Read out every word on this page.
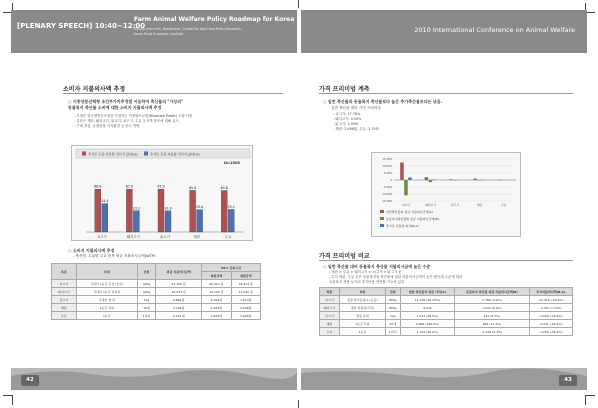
[PLENARY SPEECH] 10:40~12:00
Farm Animal Welfare Policy Roadmap for Korea
Myung-chan Kim, Researcher, Center for Agri-Food Policy Research,
Korea Rural Economic Institute
소비자 지불의사액 추정
○ 이중양분선택형 조건부가치추정법 이용하여 축산물의 "가상의"
동물복지 축산물 소비에 대한 소비자 지불의사액 추정
- 모형은 영국병반응모형을 가정하는 이변량프로빗(Bivariate Probit) 모형 이용
- 설문은 계란, 돼지고기, 닭고기, 쇠고기, 우유 등 5개 품목에 대해 실시
- 구매 경험, 농장동물 사육환경 등 변수 반영
추가로 돈을 지불할 의사가 있다(%)	추가로 돈을 지불할 의사가 없다(%)
N=1500
66.8
44.4
쇠고기
67.0
33.2
돼지고기
67.0
33.0
닭고기
65.0
35.0
계란
64.8
35.2
우유
○ 소비자 지불의사액 추정
- 축종별, 부위별 주요 품목 평균 지불의사금액(WTP)
축종	부위	단위	평균 지불의사금액	95% 신뢰구간	
				하한금액	상한금액
쇠고기	국내산 1등급 등심 (한우)	400g	67,765 원	60,014 원	78,314 원
돼지고기	국내산 1등급 삼겹살	400g	16,543 원	10,135 원	17,045 원
닭고기	국내산 생 닭	1kg	6,861원	6,769원	7,513원
계란	1등급 특란	10개	4,394원	4,183원	4,648원
우유	1등급	1리터	3,314 원	3,025원	3,925원
42
2010 International Conference on Animal Welfare
가격 프리미엄 계측
○ 일반 축산물과 동물복지 축산물보다 높은 추가축산물보다는 낮음.
일반 축산물 대비 가격 프리미엄
- 쇠고기: 17.76%
- 돼지고기: 4.54%
- 닭고기: 1.93%
- 계란: 2,986원, 우유: 1.79원
15,000
10,000
5,000
0
-5,000
-10,000
-15,000
쇠고기	돼지고기	닭고기	계란	우유
일반축산물의 평균 지불의사금액(A)
동물복지축산물의 평균 지불의사금액(B)
추가로 지불할 의사(B-A)
가격 프리미엄 비교
○ 일반 축산물 대비 동물복지 축산물 지불의사금액 높은 수준
- 계란 > 우유 > 돼지고기 > 쇠고기 > 닭고기 순
- 특히 계란, 우유 등은 동물복지형 축산물에 대한 지불의사금액이 높은 편인데 수준에 따라
동물복지 적용 농가의 추가비용 개선할 가능성 있음.
축종	부위	단위	일반 축산물의 평균 가격(A)	동물복지 축산물 평균 지불의사금액(B)	추가지불의사액(B-A)
쇠고기	냉장 한우등심(1+등급)	800g	12,756 (20,25%)	2,786 (4,2%)	-12,316 (-50,5%)
돼지고기	냉장 삼겹살(국산)	800g	4,543	1,543 (5,9%)	-3,457 (-7,0%)
닭고기	냉장 육계	1kg	1,937 (28,5%)	421 (5,7%)	-1,603 (-20,6%)
계란	1등급 특란	10개	2,986 (180,4%)	656 (17,4%)	-2,331 (-62,4%)
우유	1등급	1리터	1,791 (95,6%)	-1,254 (5,3%)	-1,254 (-56,3%)
43
